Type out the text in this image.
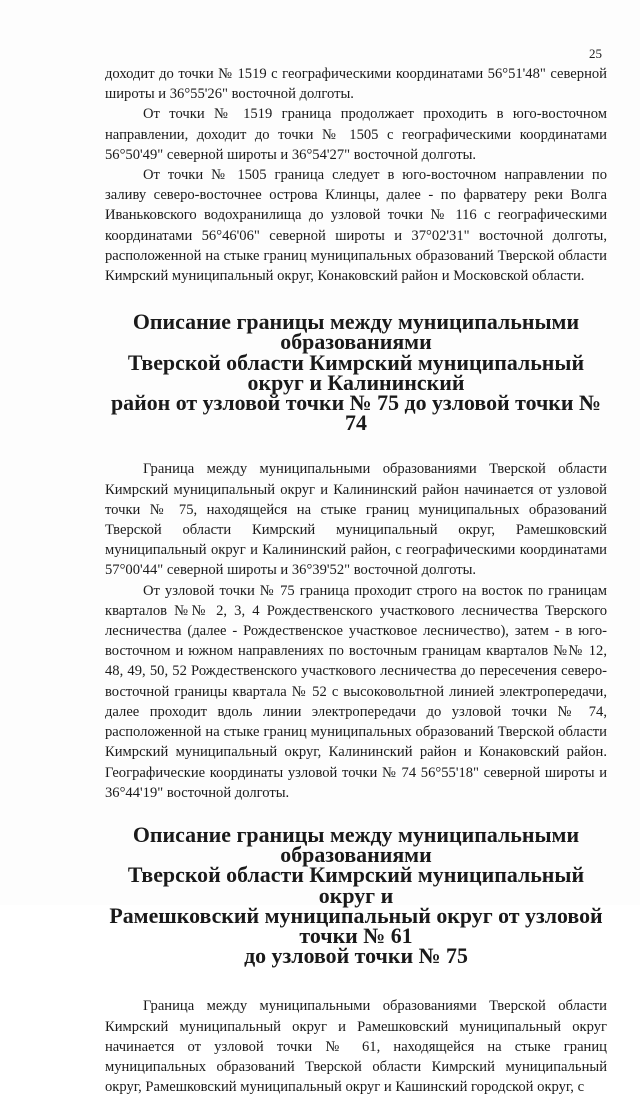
25

доходит до точки № 1519 с географическими координатами 56°51'48" северной широты и 36°55'26" восточной долготы.

От точки № 1519 граница продолжает проходить в юго-восточном направлении, доходит до точки № 1505 с географическими координатами 56°50'49" северной широты и 36°54'27" восточной долготы.

От точки № 1505 граница следует в юго-восточном направлении по заливу северо-восточнее острова Клинцы, далее - по фарватеру реки Волга Иваньковского водохранилища до узловой точки № 116 с географическими координатами 56°46'06" северной широты и 37°02'31" восточной долготы, расположенной на стыке границ муниципальных образований Тверской области Кимрский муниципальный округ, Конаковский район и Московской области.

Описание границы между муниципальными образованиями
Тверской области Кимрский муниципальный округ и Калининский
район от узловой точки № 75 до узловой точки № 74

Граница между муниципальными образованиями Тверской области Кимрский муниципальный округ и Калининский район начинается от узловой точки № 75, находящейся на стыке границ муниципальных образований Тверской области Кимрский муниципальный округ, Рамешковский муниципальный округ и Калининский район, с географическими координатами 57°00'44" северной широты и 36°39'52" восточной долготы.

От узловой точки № 75 граница проходит строго на восток по границам кварталов №№ 2, 3, 4 Рождественского участкового лесничества Тверского лесничества (далее - Рождественское участковое лесничество), затем - в юго-восточном и южном направлениях по восточным границам кварталов №№ 12, 48, 49, 50, 52 Рождественского участкового лесничества до пересечения северо-восточной границы квартала № 52 с высоковольтной линией электропередачи, далее проходит вдоль линии электропередачи до узловой точки № 74, расположенной на стыке границ муниципальных образований Тверской области Кимрский муниципальный округ, Калининский район и Конаковский район. Географические координаты узловой точки № 74 56°55'18" северной широты и 36°44'19" восточной долготы.

Описание границы между муниципальными образованиями
Тверской области Кимрский муниципальный округ и
Рамешковский муниципальный округ от узловой точки № 61
до узловой точки № 75

Граница между муниципальными образованиями Тверской области Кимрский муниципальный округ и Рамешковский муниципальный округ начинается от узловой точки № 61, находящейся на стыке границ муниципальных образований Тверской области Кимрский муниципальный округ, Рамешковский муниципальный округ и Кашинский городской округ, с
